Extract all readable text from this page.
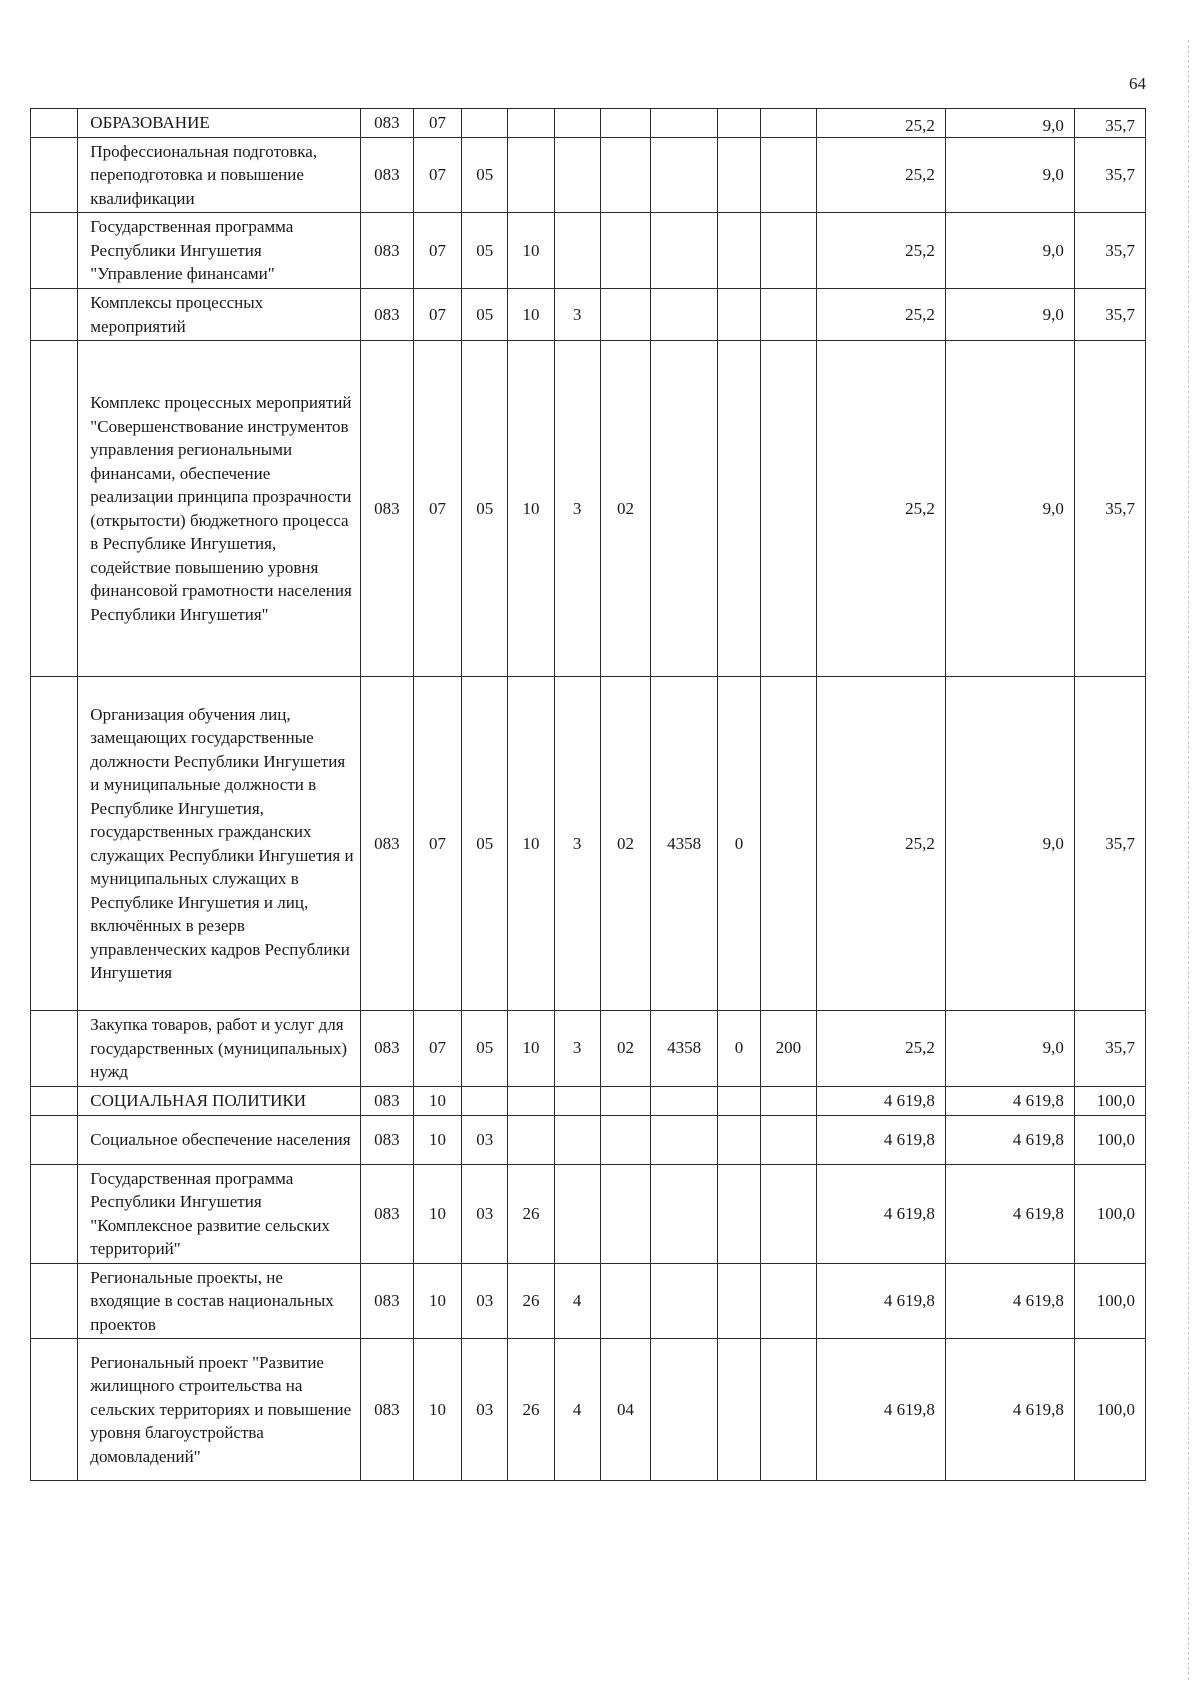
64
	ОБРАЗОВАНИЕ	083	07								25,2	9,0	35,7
	Профессиональная подготовка, переподготовка и повышение квалификации	083	07	05							25,2	9,0	35,7
	Государственная программа Республики Ингушетия "Управление финансами"	083	07	05	10						25,2	9,0	35,7
	Комплексы процессных мероприятий	083	07	05	10	3					25,2	9,0	35,7
	Комплекс процессных мероприятий "Совершенствование инструментов управления региональными финансами, обеспечение реализации принципа прозрачности (открытости) бюджетного процесса в Республике Ингушетия, содействие повышению уровня финансовой грамотности населения Республики Ингушетия"	083	07	05	10	3	02				25,2	9,0	35,7
	Организация обучения лиц, замещающих государственные должности Республики Ингушетия и муниципальные должности в Республике Ингушетия, государственных гражданских служащих Республики Ингушетия и муниципальных служащих в Республике Ингушетия и лиц, включённых в резерв управленческих кадров Республики Ингушетия	083	07	05	10	3	02	4358	0		25,2	9,0	35,7
	Закупка товаров, работ и услуг для государственных (муниципальных) нужд	083	07	05	10	3	02	4358	0	200	25,2	9,0	35,7
	СОЦИАЛЬНАЯ ПОЛИТИКИ	083	10								4 619,8	4 619,8	100,0
	Социальное обеспечение населения	083	10	03							4 619,8	4 619,8	100,0
	Государственная программа Республики Ингушетия "Комплексное развитие сельских территорий"	083	10	03	26						4 619,8	4 619,8	100,0
	Региональные проекты, не входящие в состав национальных проектов	083	10	03	26	4					4 619,8	4 619,8	100,0
	Региональный проект "Развитие жилищного строительства на сельских территориях и повышение уровня благоустройства домовладений"	083	10	03	26	4	04				4 619,8	4 619,8	100,0
